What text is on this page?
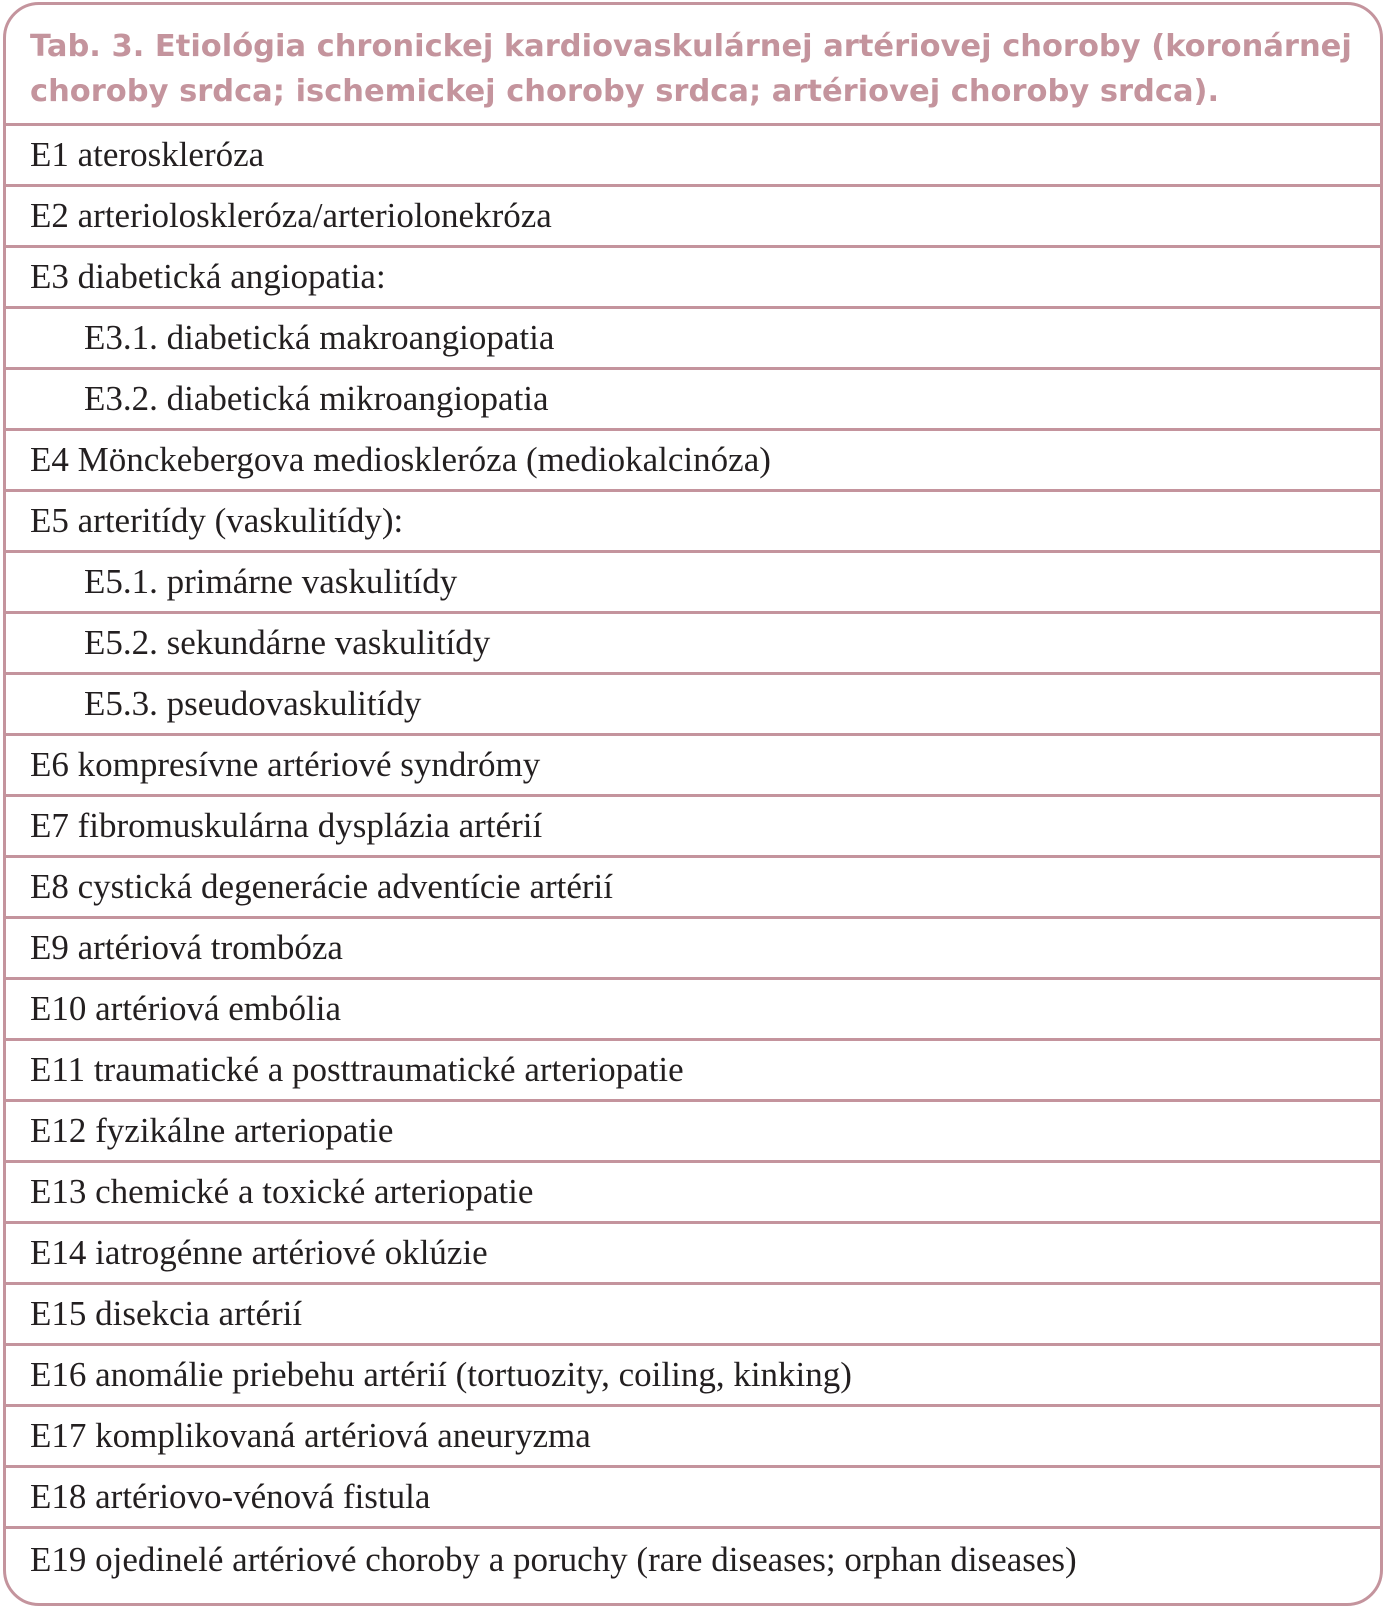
Tab. 3. Etiológia chronickej kardiovaskulárnej artériovej choroby (koronárnej choroby srdca; ischemickej choroby srdca; artériovej choroby srdca).
E1 ateroskleróza
E2 arterioloskleróza/arteriolonekróza
E3 diabetická angiopatia:
E3.1. diabetická makroangiopatia
E3.2. diabetická mikroangiopatia
E4 Mönckebergova medioskleróza (mediokalcinóza)
E5 arteritídy (vaskulitídy):
E5.1. primárne vaskulitídy
E5.2. sekundárne vaskulitídy
E5.3. pseudovaskulitídy
E6 kompresívne artériové syndrómy
E7 fibromuskulárna dysplázia artérií
E8 cystická degenerácie adventície artérií
E9 artériová trombóza
E10 artériová embólia
E11 traumatické a posttraumatické arteriopatie
E12 fyzikálne arteriopatie
E13 chemické a toxické arteriopatie
E14 iatrogénne artériové oklúzie
E15 disekcia artérií
E16 anomálie priebehu artérií (tortuozity, coiling, kinking)
E17 komplikovaná artériová aneuryzma
E18 artériovo-vénová fistula
E19 ojedinelé artériové choroby a poruchy (rare diseases; orphan diseases)
